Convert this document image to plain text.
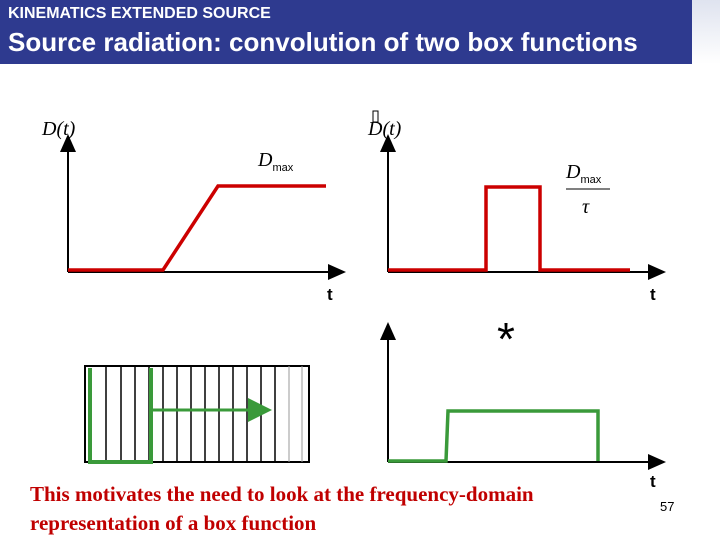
KINEMATICS EXTENDED SOURCE
Source radiation: convolution of two box functions
D(t)
$D_{max}$
t
D(t)
$D_{max}$
τ
t
*
t
This motivates the need to look at the frequency-domain
representation of a box function
57
